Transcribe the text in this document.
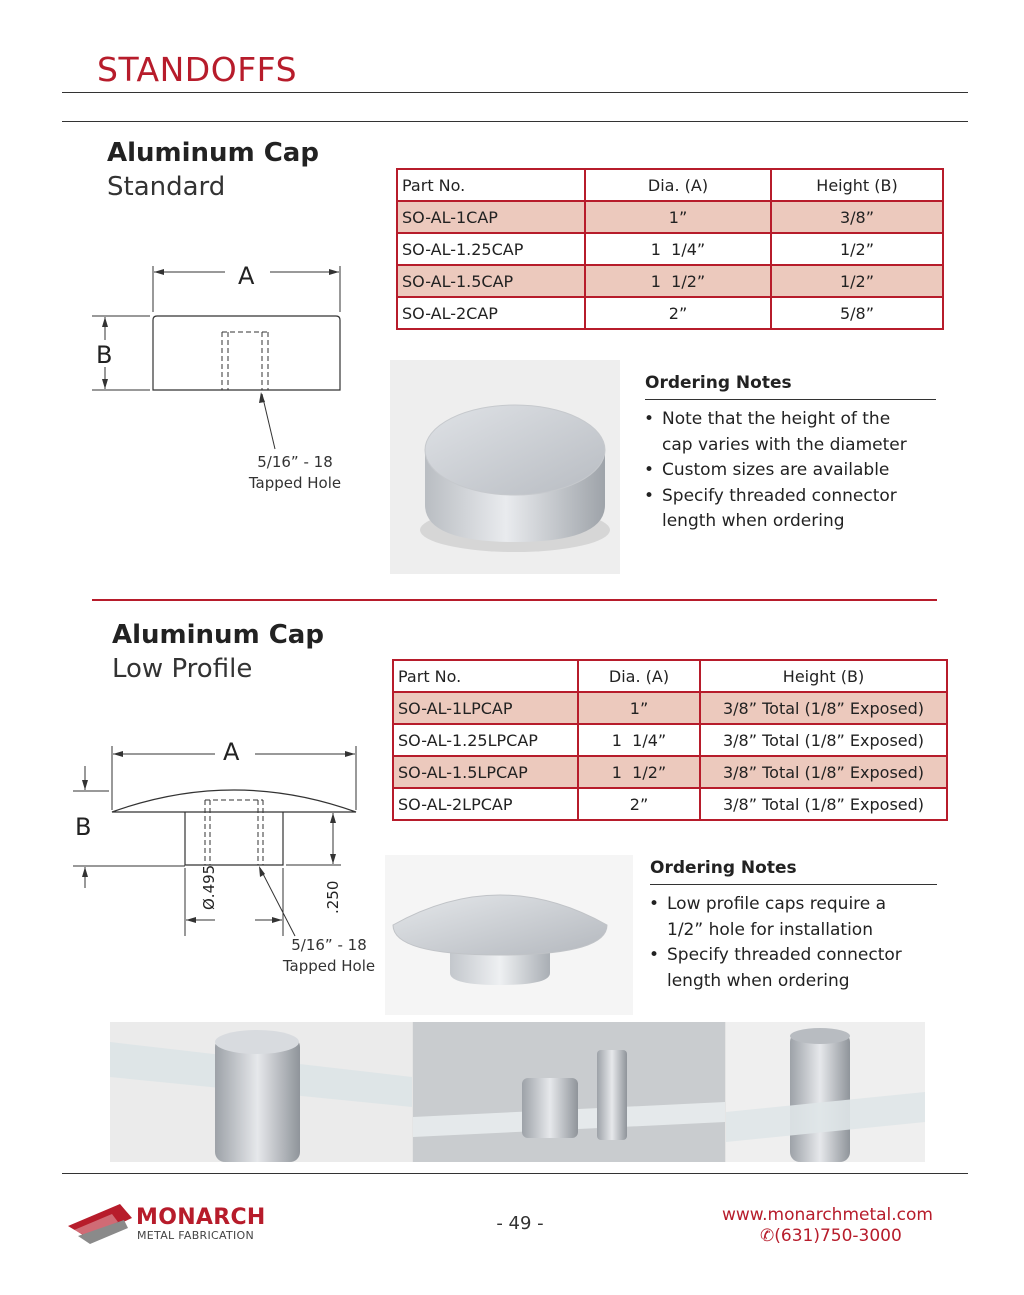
STANDOFFS
Aluminum Cap
Standard
A
B
5/16” - 18
Tapped Hole
Part No.	Dia. (A)	Height (B)
SO-AL-1CAP	1”	3/8”
SO-AL-1.25CAP	1  1/4”	1/2”
SO-AL-1.5CAP	1  1/2”	1/2”
SO-AL-2CAP	2”	5/8”
Ordering Notes
• Note that the height of the cap varies with the diameter
• Custom sizes are available
• Specify threaded connector length when ordering
Aluminum Cap
Low Profile
A
B
Ø.495	.250
5/16” - 18
Tapped Hole
Part No.	Dia. (A)	Height (B)
SO-AL-1LPCAP	1”	3/8” Total (1/8” Exposed)
SO-AL-1.25LPCAP	1  1/4”	3/8” Total (1/8” Exposed)
SO-AL-1.5LPCAP	1  1/2”	3/8” Total (1/8” Exposed)
SO-AL-2LPCAP	2”	3/8” Total (1/8” Exposed)
Ordering Notes
• Low profile caps require a 1/2” hole for installation
• Specify threaded connector length when ordering
MONARCH
METAL FABRICATION
- 49 -	www.monarchmetal.com
✆(631)750-3000
